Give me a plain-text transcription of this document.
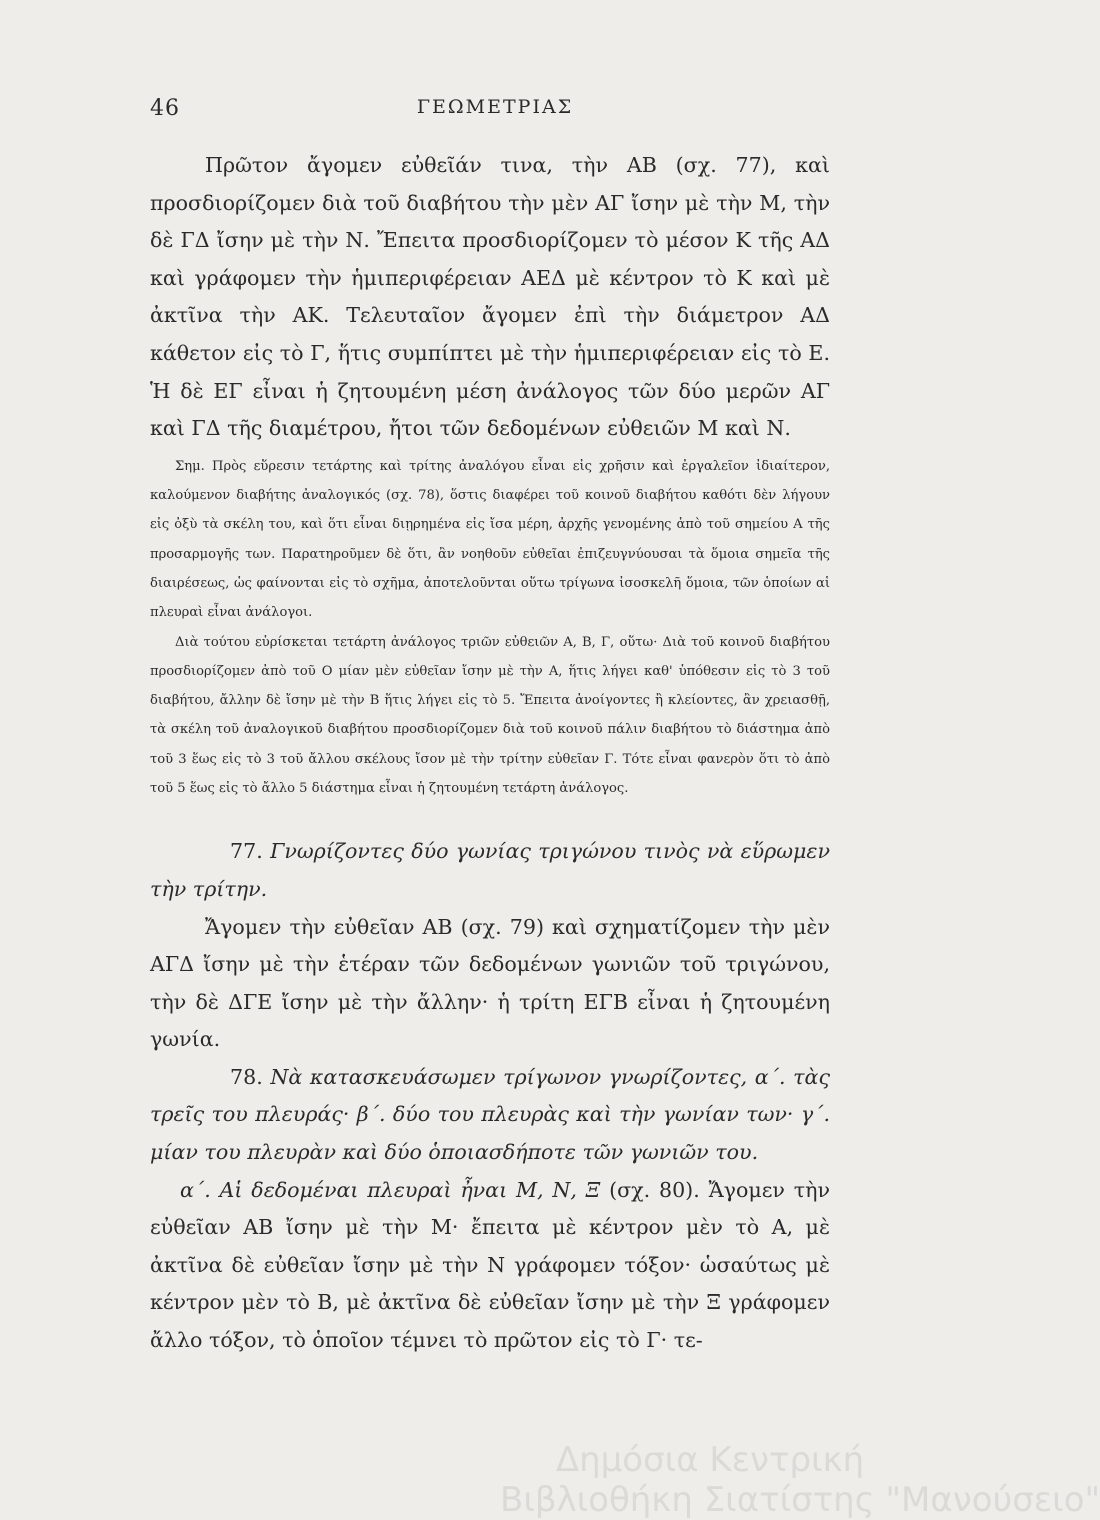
46	ΓΕΩΜΕΤΡΙΑΣ

Πρῶτον ἄγομεν εὐθεῖάν τινα, τὴν ΑΒ (σχ. 77), καὶ προσδιορίζομεν διὰ τοῦ διαβήτου τὴν μὲν ΑΓ ἴσην μὲ τὴν Μ, τὴν δὲ ΓΔ ἴσην μὲ τὴν Ν. Ἔπειτα προσδιορίζομεν τὸ μέσον Κ τῆς ΑΔ καὶ γράφομεν τὴν ἡμιπεριφέρειαν ΑΕΔ μὲ κέντρον τὸ Κ καὶ μὲ ἀκτῖνα τὴν ΑΚ. Τελευταῖον ἄγομεν ἐπὶ τὴν διάμετρον ΑΔ κάθετον εἰς τὸ Γ, ἥτις συμπίπτει μὲ τὴν ἡμιπεριφέρειαν εἰς τὸ Ε. Ἡ δὲ ΕΓ εἶναι ἡ ζητουμένη μέση ἀνάλογος τῶν δύο μερῶν ΑΓ καὶ ΓΔ τῆς διαμέτρου, ἤτοι τῶν δεδομένων εὐθειῶν Μ καὶ Ν.

Σημ. Πρὸς εὕρεσιν τετάρτης καὶ τρίτης ἀναλόγου εἶναι εἰς χρῆσιν καὶ ἐργαλεῖον ἰδιαίτερον, καλούμενον διαβήτης ἀναλογικός (σχ. 78), ὅστις διαφέρει τοῦ κοινοῦ διαβήτου καθότι δὲν λήγουν εἰς ὀξὺ τὰ σκέλη του, καὶ ὅτι εἶναι διῃρημένα εἰς ἴσα μέρη, ἀρχῆς γενομένης ἀπὸ τοῦ σημείου Α τῆς προσαρμογῆς των. Παρατηροῦμεν δὲ ὅτι, ἂν νοηθοῦν εὐθεῖαι ἐπιζευγνύουσαι τὰ ὅμοια σημεῖα τῆς διαιρέσεως, ὡς φαίνονται εἰς τὸ σχῆμα, ἀποτελοῦνται οὕτω τρίγωνα ἰσοσκελῆ ὅμοια, τῶν ὁποίων αἱ πλευραὶ εἶναι ἀνάλογοι.

Διὰ τούτου εὑρίσκεται τετάρτη ἀνάλογος τριῶν εὐθειῶν Α, Β, Γ, οὕτω· Διὰ τοῦ κοινοῦ διαβήτου προσδιορίζομεν ἀπὸ τοῦ Ο μίαν μὲν εὐθεῖαν ἴσην μὲ τὴν Α, ἥτις λήγει καθ' ὑπόθεσιν εἰς τὸ 3 τοῦ διαβήτου, ἄλλην δὲ ἴσην μὲ τὴν Β ἥτις λήγει εἰς τὸ 5. Ἔπειτα ἀνοίγοντες ἢ κλείοντες, ἂν χρειασθῇ, τὰ σκέλη τοῦ ἀναλογικοῦ διαβήτου προσδιορίζομεν διὰ τοῦ κοινοῦ πάλιν διαβήτου τὸ διάστημα ἀπὸ τοῦ 3 ἕως εἰς τὸ 3 τοῦ ἄλλου σκέλους ἴσον μὲ τὴν τρίτην εὐθεῖαν Γ. Τότε εἶναι φανερὸν ὅτι τὸ ἀπὸ τοῦ 5 ἕως εἰς τὸ ἄλλο 5 διάστημα εἶναι ἡ ζητουμένη τετάρτη ἀνάλογος.

77. Γνωρίζοντες δύο γωνίας τριγώνου τινὸς νὰ εὕρωμεν τὴν τρίτην.

Ἄγομεν τὴν εὐθεῖαν ΑΒ (σχ. 79) καὶ σχηματίζομεν τὴν μὲν ΑΓΔ ἴσην μὲ τὴν ἑτέραν τῶν δεδομένων γωνιῶν τοῦ τριγώνου, τὴν δὲ ΔΓΕ ἴσην μὲ τὴν ἄλλην· ἡ τρίτη ΕΓΒ εἶναι ἡ ζητουμένη γωνία.

78. Νὰ κατασκευάσωμεν τρίγωνον γνωρίζοντες, α΄. τὰς τρεῖς του πλευράς· β΄. δύο του πλευρὰς καὶ τὴν γωνίαν των· γ΄. μίαν του πλευρὰν καὶ δύο ὁποιασδήποτε τῶν γωνιῶν του.

α΄. Αἱ δεδομέναι πλευραὶ ἦναι Μ, Ν, Ξ (σχ. 80). Ἄγομεν τὴν εὐθεῖαν ΑΒ ἴσην μὲ τὴν Μ· ἔπειτα μὲ κέντρον μὲν τὸ Α, μὲ ἀκτῖνα δὲ εὐθεῖαν ἴσην μὲ τὴν Ν γράφομεν τόξον· ὡσαύτως μὲ κέντρον μὲν τὸ Β, μὲ ἀκτῖνα δὲ εὐθεῖαν ἴσην μὲ τὴν Ξ γράφομεν ἄλλο τόξον, τὸ ὁποῖον τέμνει τὸ πρῶτον εἰς τὸ Γ· τε-

Δημόσια Κεντρική
Βιβλιοθήκη Σιατίστης "Μανούσειο"
